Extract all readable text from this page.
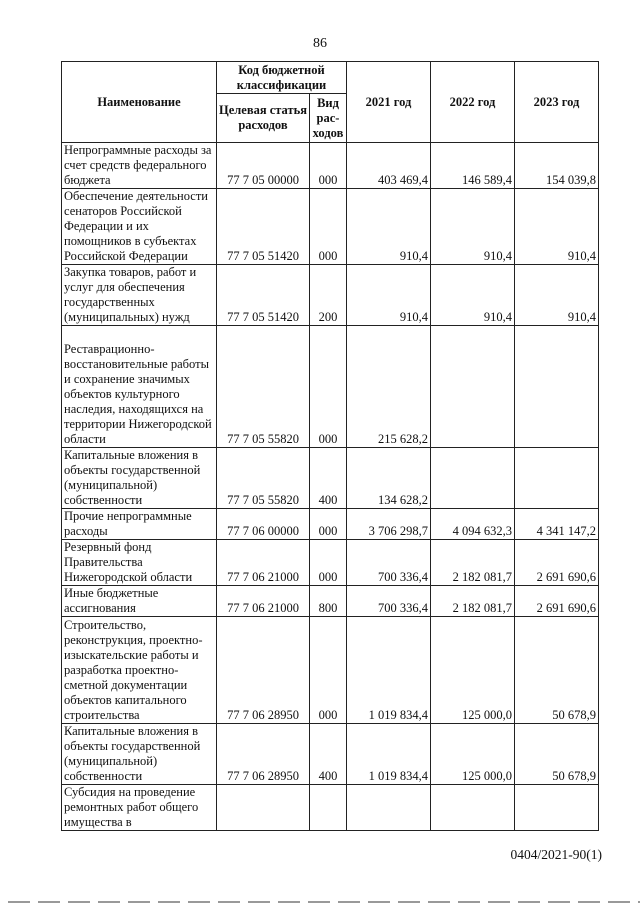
86
Наименование	Код бюджетной классификации		2021 год	2022 год	2023 год
	Целевая статья расходов	Вид рас-ходов			
Непрограммные расходы за счет средств федерального бюджета	77 7 05 00000	000	403 469,4	146 589,4	154 039,8
Обеспечение деятельности сенаторов Российской Федерации и их помощников в субъектах Российской Федерации	77 7 05 51420	000	910,4	910,4	910,4
Закупка товаров, работ и услуг для обеспечения государственных (муниципальных) нужд	77 7 05 51420	200	910,4	910,4	910,4
Реставрационно-восстановительные работы и сохранение значимых объектов культурного наследия, находящихся на территории Нижегородской области	77 7 05 55820	000	215 628,2		
Капитальные вложения в объекты государственной (муниципальной) собственности	77 7 05 55820	400	134 628,2		
Прочие непрограммные расходы	77 7 06 00000	000	3 706 298,7	4 094 632,3	4 341 147,2
Резервный фонд Правительства Нижегородской области	77 7 06 21000	000	700 336,4	2 182 081,7	2 691 690,6
Иные бюджетные ассигнования	77 7 06 21000	800	700 336,4	2 182 081,7	2 691 690,6
Строительство, реконструкция, проектно-изыскательские работы и разработка проектно-сметной документации объектов капитального строительства	77 7 06 28950	000	1 019 834,4	125 000,0	50 678,9
Капитальные вложения в объекты государственной (муниципальной) собственности	77 7 06 28950	400	1 019 834,4	125 000,0	50 678,9
Субсидия на проведение ремонтных работ общего имущества в					
0404/2021-90(1)
